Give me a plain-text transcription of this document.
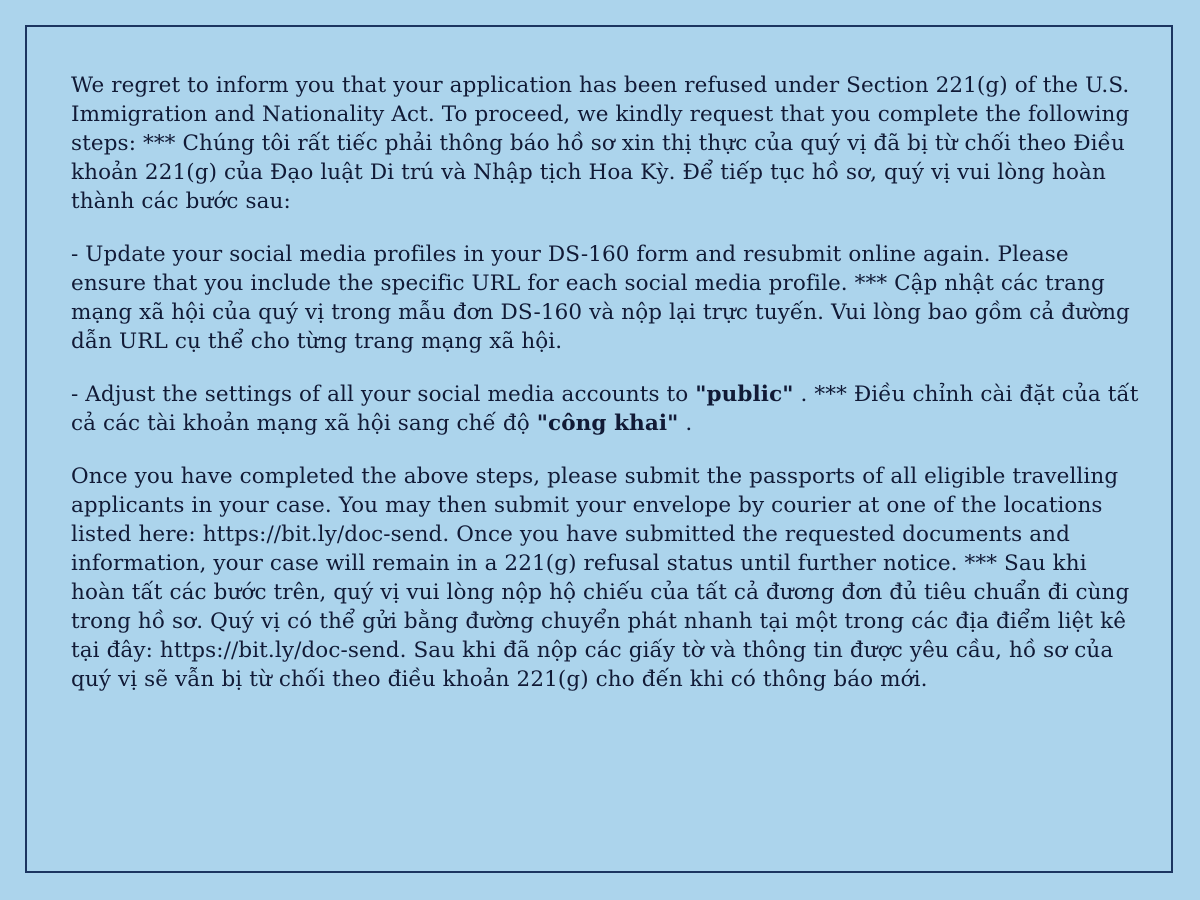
We regret to inform you that your application has been refused under Section 221(g) of the U.S. Immigration and Nationality Act. To proceed, we kindly request that you complete the following steps: *** Chúng tôi rất tiếc phải thông báo hồ sơ xin thị thực của quý vị đã bị từ chối theo Điều khoản 221(g) của Đạo luật Di trú và Nhập tịch Hoa Kỳ. Để tiếp tục hồ sơ, quý vị vui lòng hoàn thành các bước sau:

- Update your social media profiles in your DS-160 form and resubmit online again. Please ensure that you include the specific URL for each social media profile. *** Cập nhật các trang mạng xã hội của quý vị trong mẫu đơn DS-160 và nộp lại trực tuyến. Vui lòng bao gồm cả đường dẫn URL cụ thể cho từng trang mạng xã hội.

- Adjust the settings of all your social media accounts to "public" . *** Điều chỉnh cài đặt của tất cả các tài khoản mạng xã hội sang chế độ "công khai" .

Once you have completed the above steps, please submit the passports of all eligible travelling applicants in your case. You may then submit your envelope by courier at one of the locations listed here: https://bit.ly/doc-send. Once you have submitted the requested documents and information, your case will remain in a 221(g) refusal status until further notice. *** Sau khi hoàn tất các bước trên, quý vị vui lòng nộp hộ chiếu của tất cả đương đơn đủ tiêu chuẩn đi cùng trong hồ sơ. Quý vị có thể gửi bằng đường chuyển phát nhanh tại một trong các địa điểm liệt kê tại đây: https://bit.ly/doc-send. Sau khi đã nộp các giấy tờ và thông tin được yêu cầu, hồ sơ của quý vị sẽ vẫn bị từ chối theo điều khoản 221(g) cho đến khi có thông báo mới.
